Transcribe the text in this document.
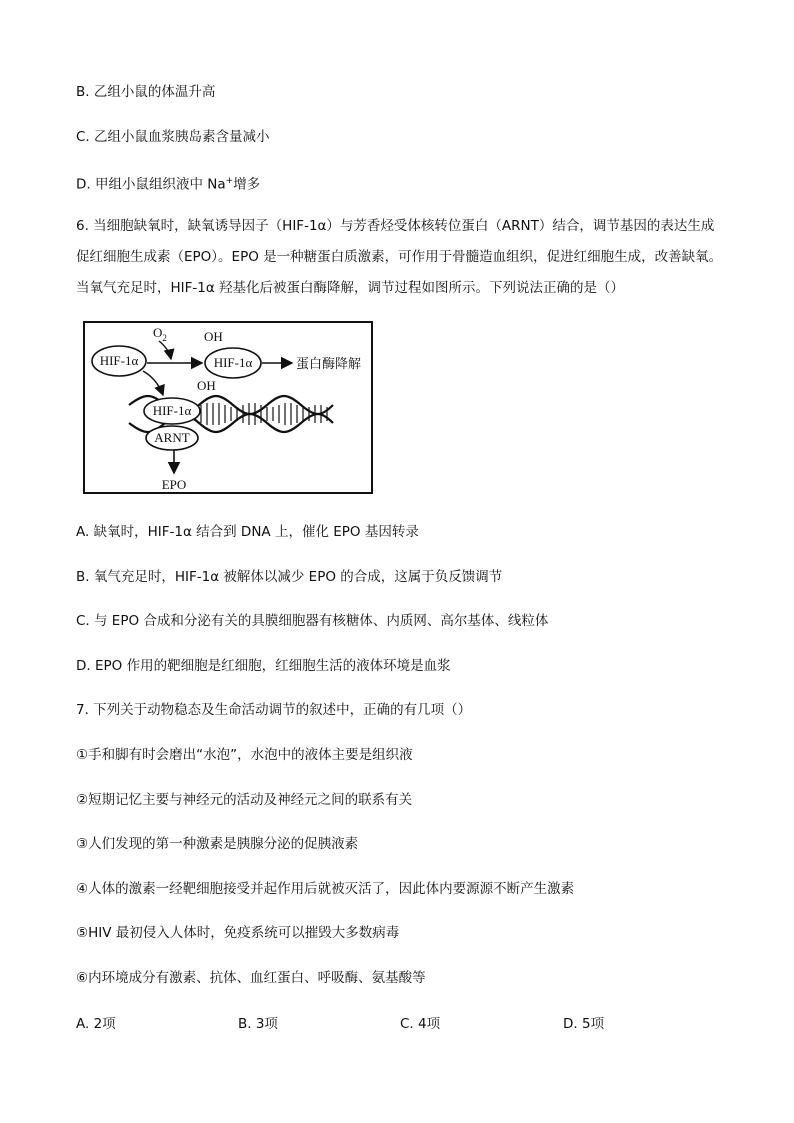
B. 乙组小鼠的体温升高
C. 乙组小鼠血浆胰岛素含量减小
D. 甲组小鼠组织液中 Na+增多
6. 当细胞缺氧时，缺氧诱导因子（HIF-1α）与芳香烃受体核转位蛋白（ARNT）结合，调节基因的表达生成促红细胞生成素（EPO）。EPO 是一种糖蛋白质激素，可作用于骨髓造血组织，促进红细胞生成，改善缺氧。当氧气充足时，HIF-1α 羟基化后被蛋白酶降解，调节过程如图所示。下列说法正确的是（）
HIF-1α
$O_2$
HIF-1α
OH
OH
蛋白酶降解
HIF-1α
ARNT
EPO
A. 缺氧时，HIF-1α 结合到 DNA 上，催化 EPO 基因转录
B. 氧气充足时，HIF-1α 被解体以减少 EPO 的合成，这属于负反馈调节
C. 与 EPO 合成和分泌有关的具膜细胞器有核糖体、内质网、高尔基体、线粒体
D. EPO 作用的靶细胞是红细胞，红细胞生活的液体环境是血浆
7. 下列关于动物稳态及生命活动调节的叙述中，正确的有几项（）
①手和脚有时会磨出“水泡”，水泡中的液体主要是组织液
②短期记忆主要与神经元的活动及神经元之间的联系有关
③人们发现的第一种激素是胰腺分泌的促胰液素
④人体的激素一经靶细胞接受并起作用后就被灭活了，因此体内要源源不断产生激素
⑤HIV 最初侵入人体时，免疫系统可以摧毁大多数病毒
⑥内环境成分有激素、抗体、血红蛋白、呼吸酶、氨基酸等
A. 2项	B. 3项	C. 4项	D. 5项
